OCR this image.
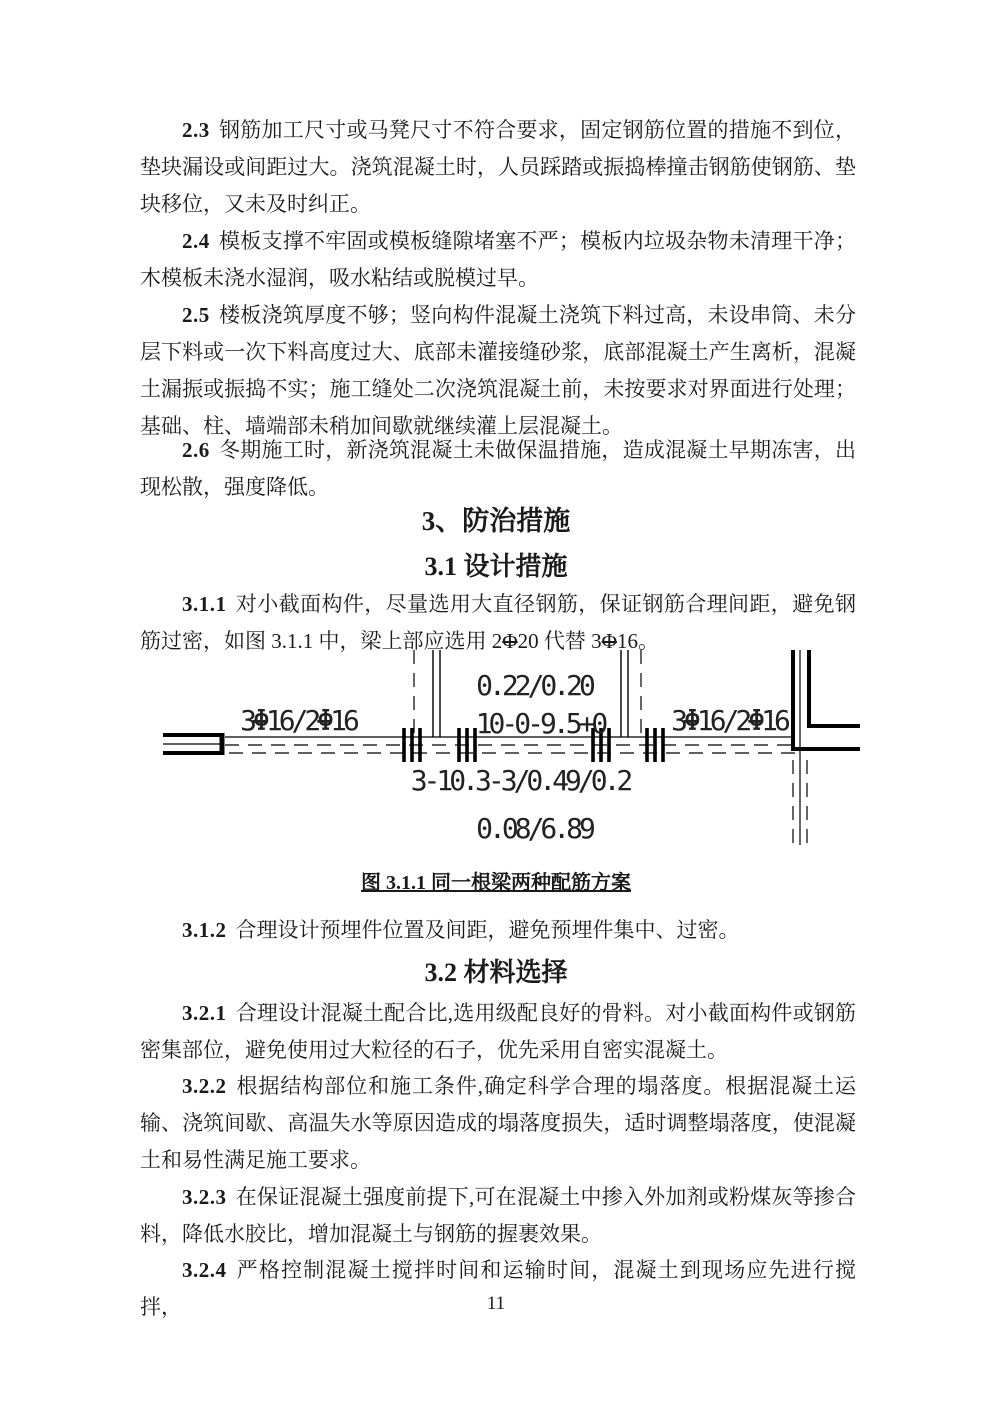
2.3 钢筋加工尺寸或马凳尺寸不符合要求，固定钢筋位置的措施不到位，垫块漏设或间距过大。浇筑混凝土时，人员踩踏或振捣棒撞击钢筋使钢筋、垫块移位，又未及时纠正。

2.4 模板支撑不牢固或模板缝隙堵塞不严；模板内垃圾杂物未清理干净；木模板未浇水湿润，吸水粘结或脱模过早。

2.5 楼板浇筑厚度不够；竖向构件混凝土浇筑下料过高，未设串筒、未分层下料或一次下料高度过大、底部未灌接缝砂浆，底部混凝土产生离析，混凝土漏振或振捣不实；施工缝处二次浇筑混凝土前，未按要求对界面进行处理；基础、柱、墙端部未稍加间歇就继续灌上层混凝土。

2.6 冬期施工时，新浇筑混凝土未做保温措施，造成混凝土早期冻害，出现松散，强度降低。

3、防治措施
3.1 设计措施

3.1.1 对小截面构件，尽量选用大直径钢筋，保证钢筋合理间距，避免钢筋过密，如图 3.1.1 中，梁上部应选用 2Φ20 代替 3Φ16。

3Φ16/2Φ16
0.22/0.20
10-0-9.5+0 3Φ16/2Φ16
3-10.3-3/0.49/0.2
0.08/6.89

图 3.1.1 同一根梁两种配筋方案

3.1.2 合理设计预埋件位置及间距，避免预埋件集中、过密。

3.2 材料选择

3.2.1 合理设计混凝土配合比,选用级配良好的骨料。对小截面构件或钢筋密集部位，避免使用过大粒径的石子，优先采用自密实混凝土。

3.2.2 根据结构部位和施工条件,确定科学合理的塌落度。根据混凝土运输、浇筑间歇、高温失水等原因造成的塌落度损失，适时调整塌落度，使混凝土和易性满足施工要求。

3.2.3 在保证混凝土强度前提下,可在混凝土中掺入外加剂或粉煤灰等掺合料，降低水胶比，增加混凝土与钢筋的握裹效果。

3.2.4 严格控制混凝土搅拌时间和运输时间，混凝土到现场应先进行搅拌，	11
